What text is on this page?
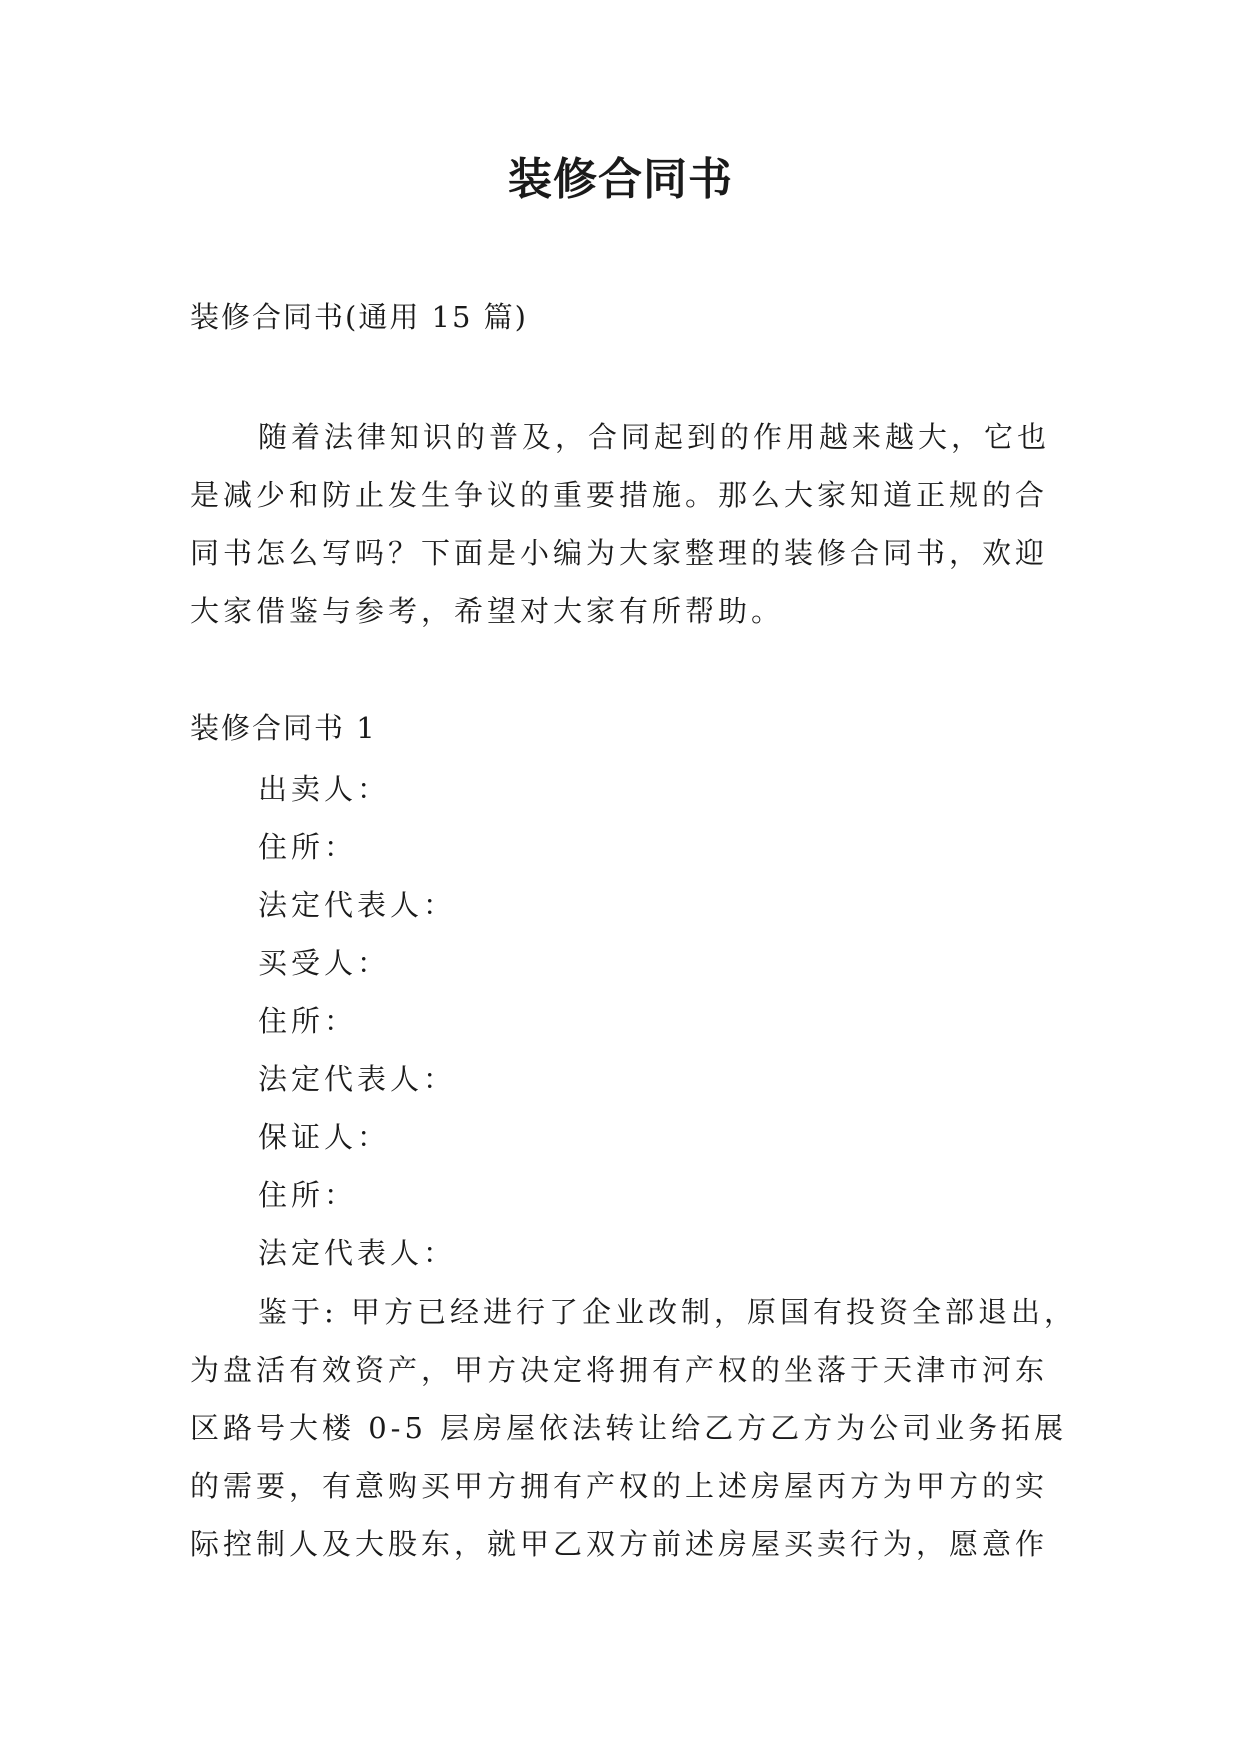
装修合同书
装修合同书(通用 15 篇)
随着法律知识的普及，合同起到的作用越来越大，它也
是减少和防止发生争议的重要措施。那么大家知道正规的合
同书怎么写吗？下面是小编为大家整理的装修合同书，欢迎
大家借鉴与参考，希望对大家有所帮助。
装修合同书 1
出卖人：
住所：
法定代表人：
买受人：
住所：
法定代表人：
保证人：
住所：
法定代表人：
鉴于: 甲方已经进行了企业改制，原国有投资全部退出，
为盘活有效资产，甲方决定将拥有产权的坐落于天津市河东
区路号大楼 0-5 层房屋依法转让给乙方乙方为公司业务拓展
的需要，有意购买甲方拥有产权的上述房屋丙方为甲方的实
际控制人及大股东，就甲乙双方前述房屋买卖行为，愿意作
